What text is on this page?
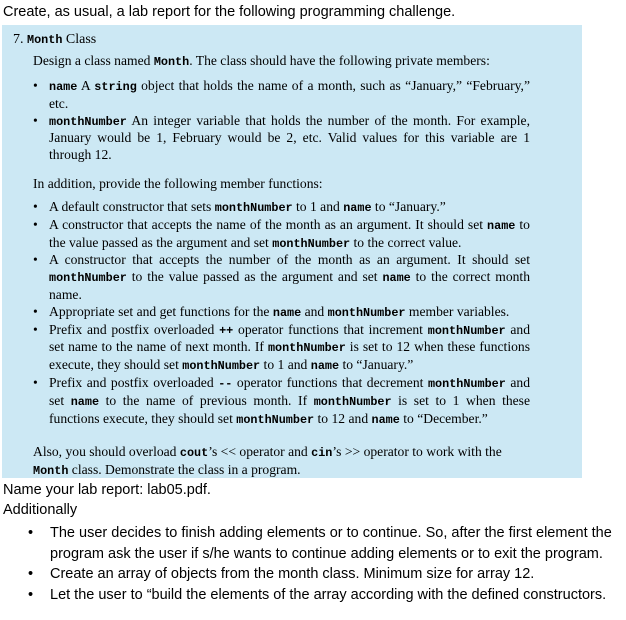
Create, as usual, a lab report for the following programming challenge.
7. Month Class
Design a class named Month. The class should have the following private members:
• name A string object that holds the name of a month, such as “January,” “February,” etc.
• monthNumber An integer variable that holds the number of the month. For example, January would be 1, February would be 2, etc. Valid values for this variable are 1 through 12.
In addition, provide the following member functions:
• A default constructor that sets monthNumber to 1 and name to “January.”
• A constructor that accepts the name of the month as an argument. It should set name to the value passed as the argument and set monthNumber to the correct value.
• A constructor that accepts the number of the month as an argument. It should set monthNumber to the value passed as the argument and set name to the correct month name.
• Appropriate set and get functions for the name and monthNumber member variables.
• Prefix and postfix overloaded ++ operator functions that increment monthNumber and set name to the name of next month. If monthNumber is set to 12 when these functions execute, they should set monthNumber to 1 and name to “January.”
• Prefix and postfix overloaded -- operator functions that decrement monthNumber and set name to the name of previous month. If monthNumber is set to 1 when these functions execute, they should set monthNumber to 12 and name to “December.”
Also, you should overload cout’s << operator and cin’s >> operator to work with the Month class. Demonstrate the class in a program.
Name your lab report: lab05.pdf.
Additionally
• The user decides to finish adding elements or to continue. So, after the first element the program ask the user if s/he wants to continue adding elements or to exit the program.
• Create an array of objects from the month class. Minimum size for array 12.
• Let the user to “build the elements of the array according with the defined constructors.
